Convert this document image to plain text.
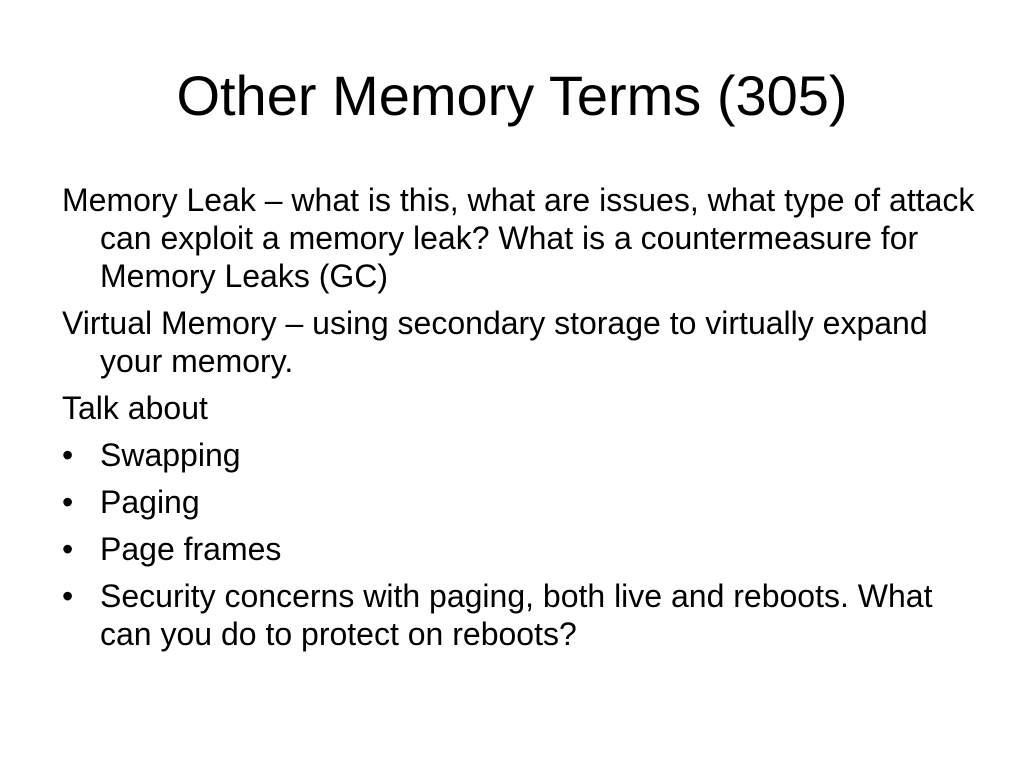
Other Memory Terms (305)
Memory Leak – what is this, what are issues, what type of attack can exploit a memory leak? What is a countermeasure for Memory Leaks (GC)
Virtual Memory – using secondary storage to virtually expand your memory.
Talk about
• Swapping
• Paging
• Page frames
• Security concerns with paging, both live and reboots. What can you do to protect on reboots?
